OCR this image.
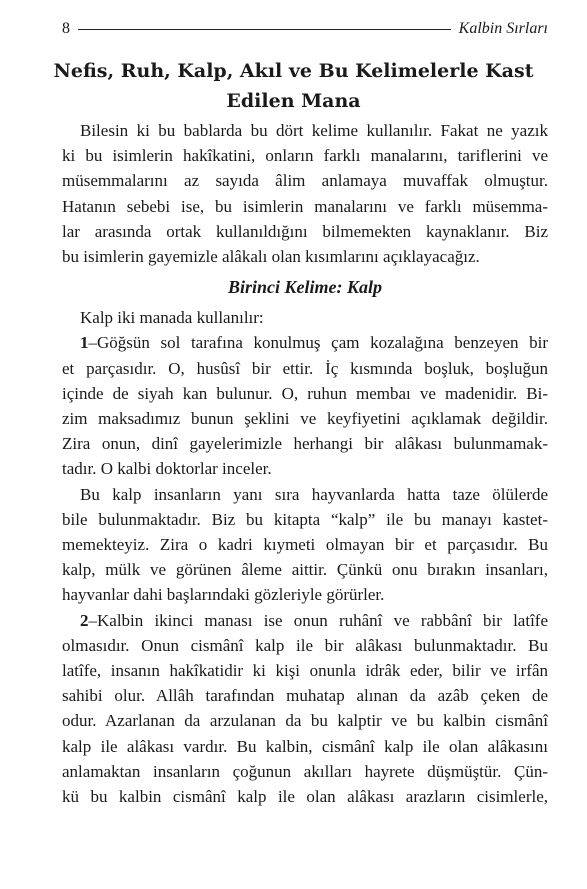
8	Kalbin Sırları
Nefis, Ruh, Kalp, Akıl ve Bu Kelimelerle Kast
Edilen Mana

Bilesin ki bu bablarda bu dört kelime kullanılır. Fakat ne yazık
ki bu isimlerin hakîkatini, onların farklı manalarını, tariflerini ve
müsemmalarını az sayıda âlim anlamaya muvaffak olmuştur.
Hatanın sebebi ise, bu isimlerin manalarını ve farklı müsemma-
lar arasında ortak kullanıldığını bilmemekten kaynaklanır. Biz
bu isimlerin gayemizle alâkalı olan kısımlarını açıklayacağız.

Birinci Kelime: Kalp

Kalp iki manada kullanılır:

1–Göğsün sol tarafına konulmuş çam kozalağına benzeyen bir
et parçasıdır. O, husûsî bir ettir. İç kısmında boşluk, boşluğun
içinde de siyah kan bulunur. O, ruhun membaı ve madenidir. Bi-
zim maksadımız bunun şeklini ve keyfiyetini açıklamak değildir.
Zira onun, dinî gayelerimizle herhangi bir alâkası bulunmamak-
tadır. O kalbi doktorlar inceler.

Bu kalp insanların yanı sıra hayvanlarda hatta taze ölülerde
bile bulunmaktadır. Biz bu kitapta “kalp” ile bu manayı kastet-
memekteyiz. Zira o kadri kıymeti olmayan bir et parçasıdır. Bu
kalp, mülk ve görünen âleme aittir. Çünkü onu bırakın insanları,
hayvanlar dahi başlarındaki gözleriyle görürler.

2–Kalbin ikinci manası ise onun ruhânî ve rabbânî bir latîfe
olmasıdır. Onun cismânî kalp ile bir alâkası bulunmaktadır. Bu
latîfe, insanın hakîkatidir ki kişi onunla idrâk eder, bilir ve irfân
sahibi olur. Allâh tarafından muhatap alınan da azâb çeken de
odur. Azarlanan da arzulanan da bu kalptir ve bu kalbin cismânî
kalp ile alâkası vardır. Bu kalbin, cismânî kalp ile olan alâkasını
anlamaktan insanların çoğunun akılları hayrete düşmüştür. Çün-
kü bu kalbin cismânî kalp ile olan alâkası arazların cisimlerle,
